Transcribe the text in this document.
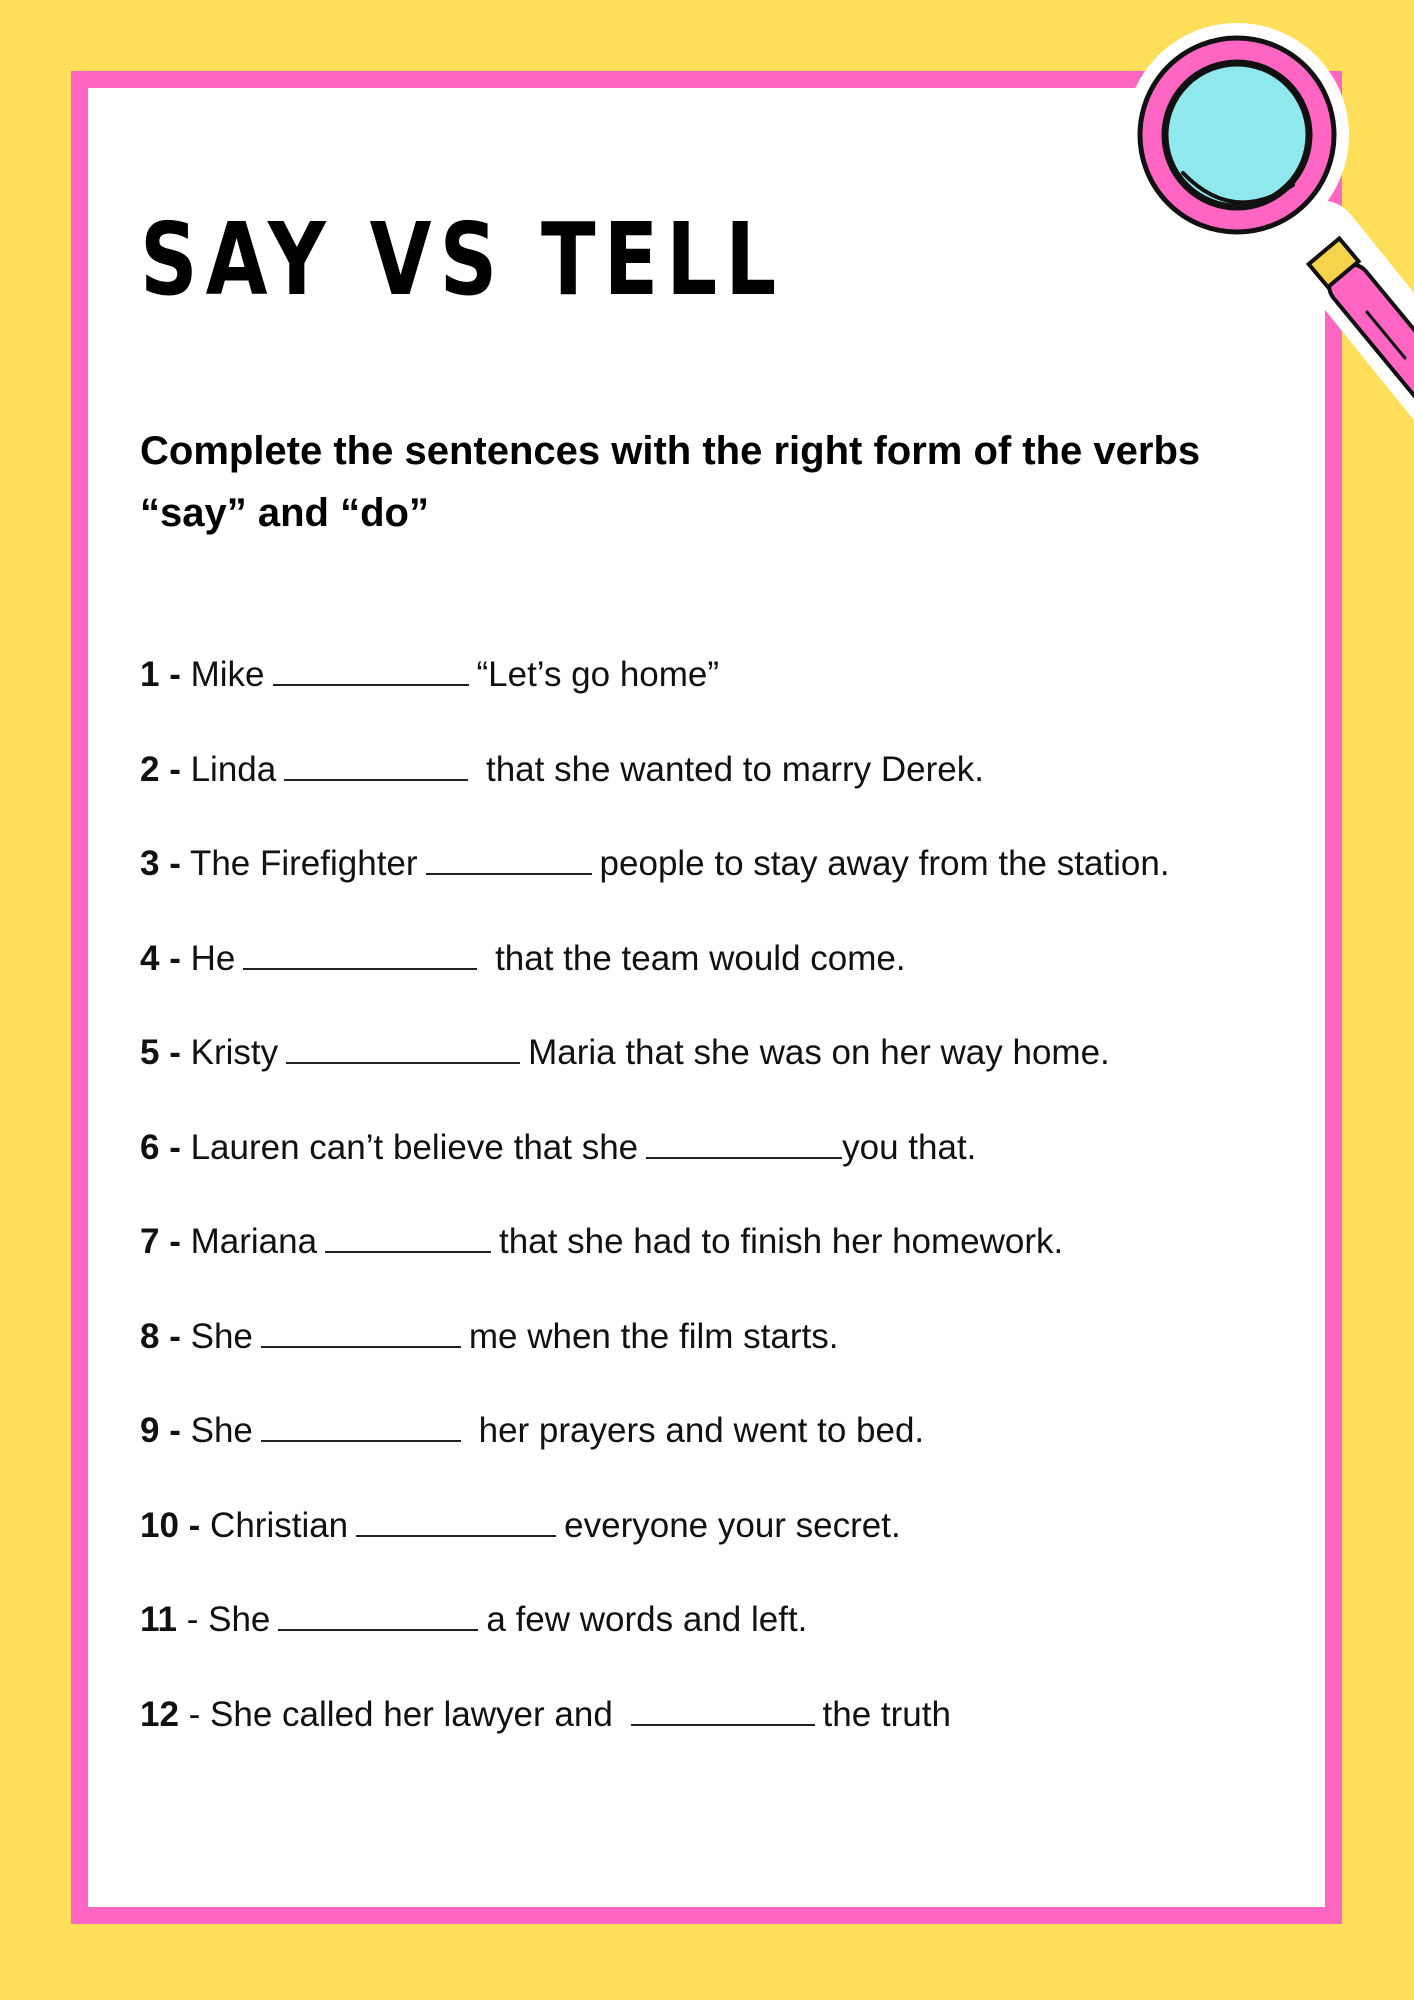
SAY VS TELL

Complete the sentences with the right form of the verbs “say” and “do”

1 - Mike	“Let’s go home”
2 - Linda	that she wanted to marry Derek.
3 - The Firefighter	people to stay away from the station.
4 - He	that the team would come.
5 - Kristy	Maria that she was on her way home.
6 - Lauren can’t believe that she	you that.
7 - Mariana	that she had to finish her homework.
8 - She	me when the film starts.
9 - She	her prayers and went to bed.
10 - Christian	everyone your secret.
11 - She	a few words and left.
12 - She called her lawyer and	the truth
